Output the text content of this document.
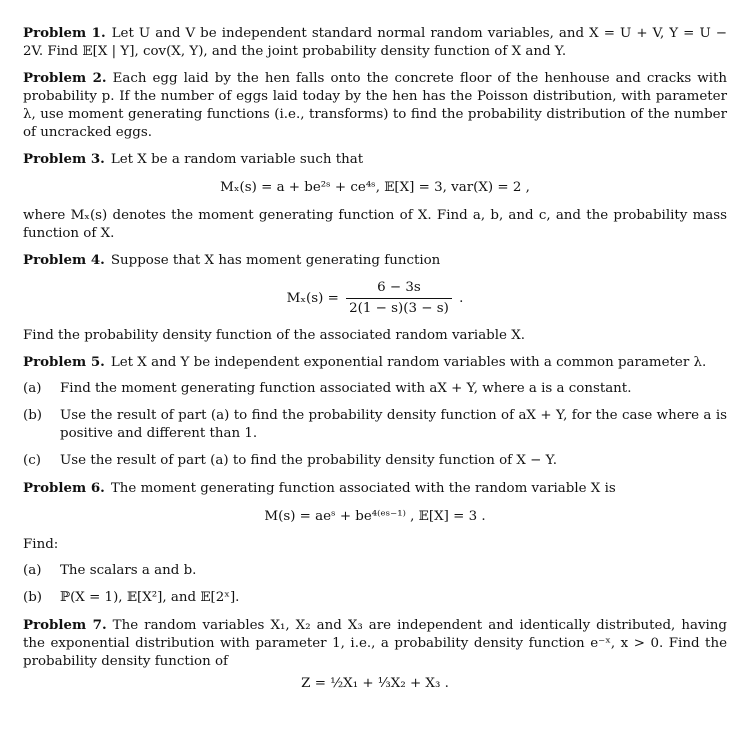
Problem 1. Let U and V be independent standard normal random variables, and X = U + V, Y = U − 2V. Find 𝔼[X | Y], cov(X, Y), and the joint probability density function of X and Y.

Problem 2. Each egg laid by the hen falls onto the concrete floor of the henhouse and cracks with probability p. If the number of eggs laid today by the hen has the Poisson distribution, with parameter λ, use moment generating functions (i.e., transforms) to find the probability distribution of the number of uncracked eggs.

Problem 3. Let X be a random variable such that

Mₓ(s) = a + be²ˢ + ce⁴ˢ, 𝔼[X] = 3, var(X) = 2 ,

where Mₓ(s) denotes the moment generating function of X. Find a, b, and c, and the probability mass function of X.

Problem 4. Suppose that X has moment generating function

$M_x(s) = \frac{6 - 3s}{2(1 - s)(3 - s)}$ .

Find the probability density function of the associated random variable X.

Problem 5. Let X and Y be independent exponential random variables with a common parameter λ.

(a) Find the moment generating function associated with aX + Y, where a is a constant.
(b) Use the result of part (a) to find the probability density function of aX + Y, for the case where a is positive and different than 1.
(c) Use the result of part (a) to find the probability density function of X − Y.

Problem 6. The moment generating function associated with the random variable X is

M(s) = aeˢ + be⁴⁽ᵉˢ⁻¹⁾ , 𝔼[X] = 3 .

Find:

(a) The scalars a and b.
(b) ℙ(X = 1), 𝔼[X²], and 𝔼[2ˣ].

Problem 7. The random variables X₁, X₂ and X₃ are independent and identically distributed, having the exponential distribution with parameter 1, i.e., a probability density function e⁻ˣ, x > 0. Find the probability density function of

Z = ½X₁ + ⅓X₂ + X₃ .
